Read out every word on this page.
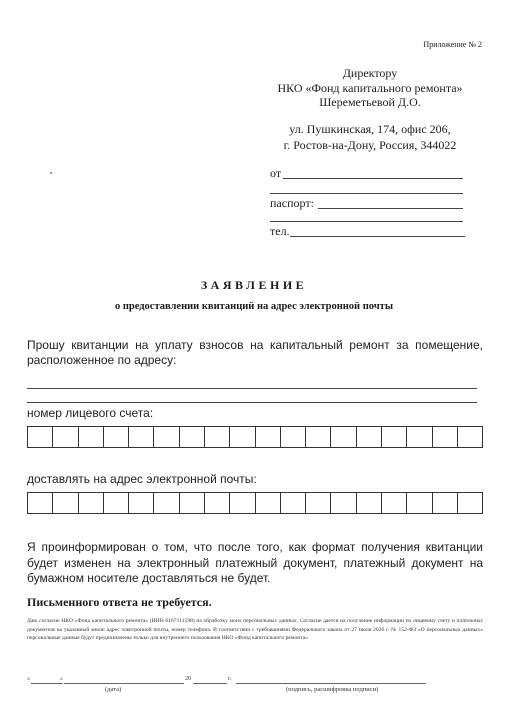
Приложение № 2
Директору
НКО «Фонд капитального ремонта»
Шереметьевой Д.О.
ул. Пушкинская, 174, офис 206,
г. Ростов-на-Дону, Россия, 344022
от
паспорт:
тел.
ЗАЯВЛЕНИЕ
о предоставлении квитанций на адрес электронной почты
Прошу квитанции на уплату взносов на капитальный ремонт за помещение, расположенное по адресу:
номер лицевого счета:
доставлять на адрес электронной почты:
Я проинформирован о том, что после того, как формат получения квитанции будет изменен на электронный платежный документ, платежный документ на бумажном носителе доставляться не будет.
Письменного ответа не требуется.
Даю согласие НКО «Фонд капитального ремонта» (ИНН 6167111598) на обработку моих персональных данных. Согласие дается на получение информации по лицевому счету и платежных документов на указанный мною адрес электронной почты, номер телефона. В соответствии с требованиями Федерального закона от 27 июля 2026 г. № 152-ФЗ «О персональных данных» персональные данные будут предназначены только для внутреннего пользования НКО «Фонд капитального ремонта»
«	»	20	г.
(дата)	(подпись, расшифровка подписи)
